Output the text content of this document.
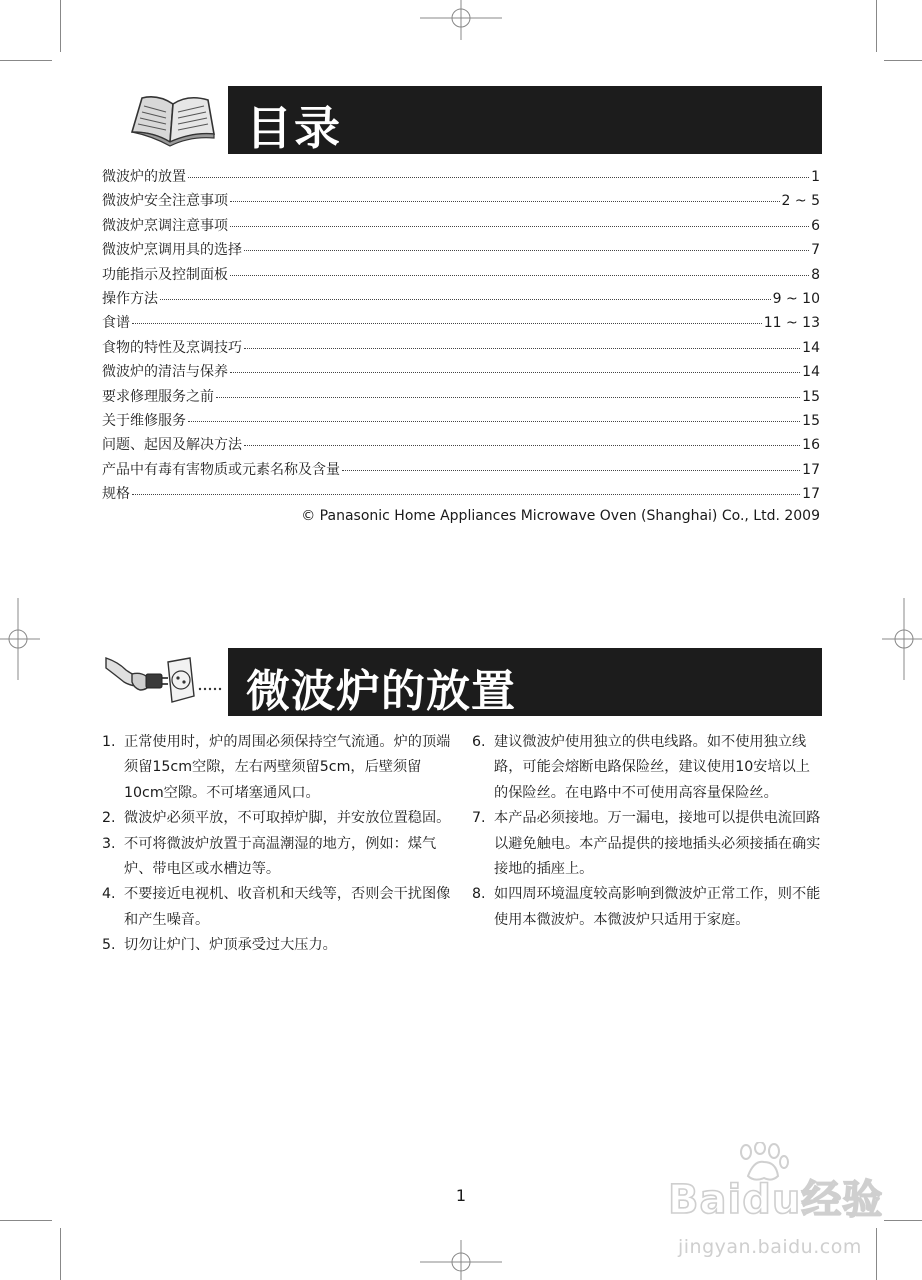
目录
微波炉的放置	1
微波炉安全注意事项	2 ~ 5
微波炉烹调注意事项	6
微波炉烹调用具的选择	7
功能指示及控制面板	8
操作方法	9 ~ 10
食谱	11 ~ 13
食物的特性及烹调技巧	14
微波炉的清洁与保养	14
要求修理服务之前	15
关于维修服务	15
问题、起因及解决方法	16
产品中有毒有害物质或元素名称及含量	17
规格	17
© Panasonic Home Appliances Microwave Oven (Shanghai) Co., Ltd. 2009
微波炉的放置
1. 正常使用时，炉的周围必须保持空气流通。炉的顶端须留15cm空隙，左右两壁须留5cm，后壁须留10cm空隙。不可堵塞通风口。
2. 微波炉必须平放，不可取掉炉脚，并安放位置稳固。
3. 不可将微波炉放置于高温潮湿的地方，例如：煤气炉、带电区或水槽边等。
4. 不要接近电视机、收音机和天线等，否则会干扰图像和产生噪音。
5. 切勿让炉门、炉顶承受过大压力。
6. 建议微波炉使用独立的供电线路。如不使用独立线路，可能会熔断电路保险丝，建议使用10安培以上的保险丝。在电路中不可使用高容量保险丝。
7. 本产品必须接地。万一漏电，接地可以提供电流回路以避免触电。本产品提供的接地插头必须接插在确实接地的插座上。
8. 如四周环境温度较高影响到微波炉正常工作，则不能使用本微波炉。本微波炉只适用于家庭。
1	Baidu经验
jingyan.baidu.com
